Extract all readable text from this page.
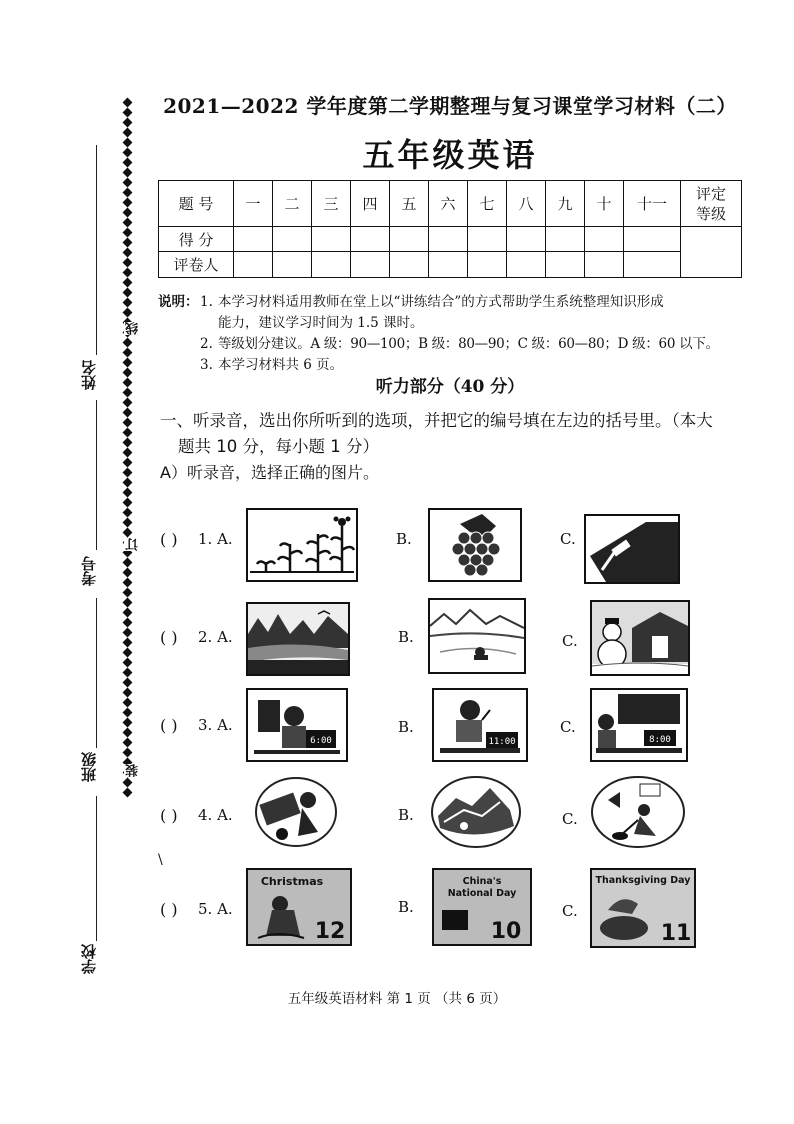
姓名
考号
班级
学校
线
订
装
2021—2022 学年度第二学期整理与复习课堂学习材料（二）
五年级英语
题 号	一	二	三	四	五	六	七	八	九	十	十一	评定
等级

得 分												
评卷人												
说明： 1. 本学习材料适用教师在堂上以“讲练结合”的方式帮助学生系统整理知识形成
能力，建议学习时间为 1.5 课时。
2. 等级划分建议。A 级：90—100；B 级：80—90；C 级：60—80；D 级：60 以下。
3. 本学习材料共 6 页。
听力部分（40 分）
一、听录音，选出你所听到的选项，并把它的编号填在左边的括号里。（本大
题共 10 分，每小题 1 分）
A）听录音，选择正确的图片。
( ) 1. A.	B.	C.
( ) 2. A.	B.	C.
( ) 3. A.
6:00
B.
11:00
C.
8:00
( ) 4. A.	B.	C.
\
( ) 5. A.
Christmas
12
B.
China's
National Day
10
C.
Thanksgiving Day
11
五年级英语材料 第 1 页 （共 6 页）
